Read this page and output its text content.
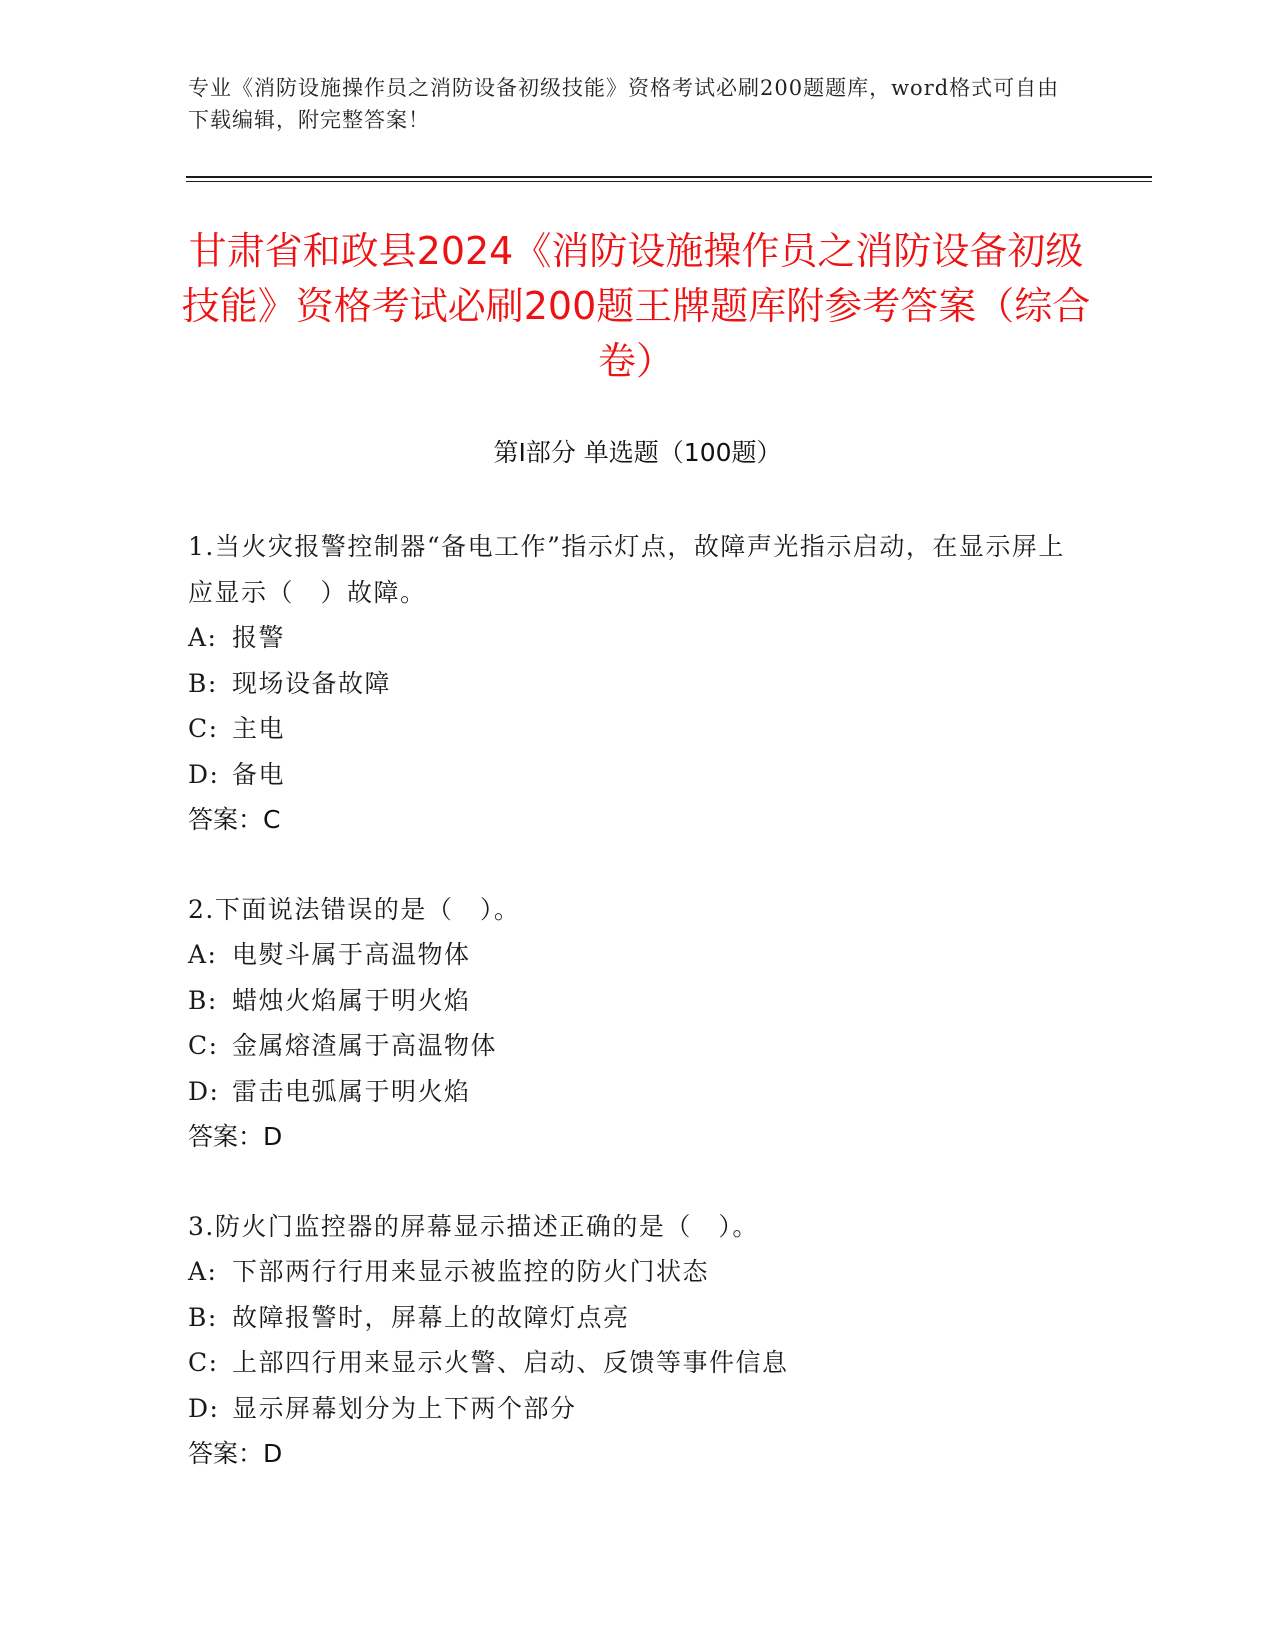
专业《消防设施操作员之消防设备初级技能》资格考试必刷200题题库，word格式可自由下载编辑，附完整答案！
甘肃省和政县2024《消防设施操作员之消防设备初级技能》资格考试必刷200题王牌题库附参考答案（综合卷）
第Ⅰ部分 单选题（100题）
1.当火灾报警控制器“备电工作”指示灯点，故障声光指示启动，在显示屏上应显示（　）故障。
A: 报警
B: 现场设备故障
C: 主电
D: 备电
答案：C
2.下面说法错误的是（　）。
A: 电熨斗属于高温物体
B: 蜡烛火焰属于明火焰
C: 金属熔渣属于高温物体
D: 雷击电弧属于明火焰
答案：D
3.防火门监控器的屏幕显示描述正确的是（　）。
A: 下部两行行用来显示被监控的防火门状态
B: 故障报警时，屏幕上的故障灯点亮
C: 上部四行用来显示火警、启动、反馈等事件信息
D: 显示屏幕划分为上下两个部分
答案：D
